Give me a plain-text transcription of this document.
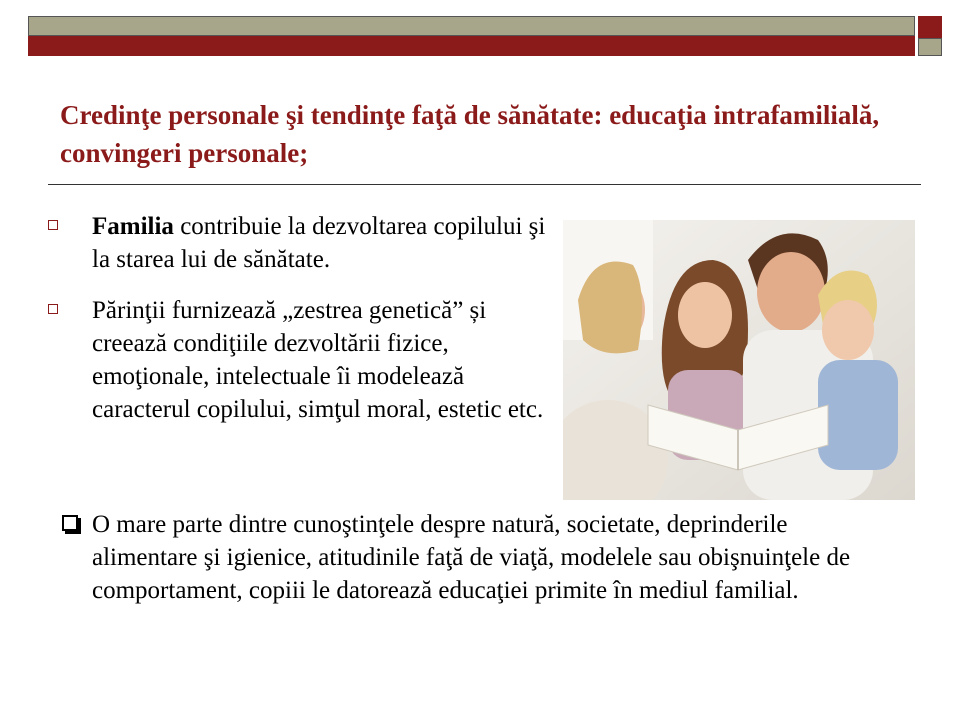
Credinţe personale şi tendinţe faţă de sănătate: educaţia intrafamilială, convingeri personale;
Familia contribuie la dezvoltarea copilului şi la starea lui de sănătate.
Părinţii furnizează „zestrea genetică” și creează condiţiile dezvoltării fizice, emoţionale, intelectuale îi modelează caracterul copilului, simţul moral, estetic etc.
O mare parte dintre cunoştinţele despre natură, societate, deprinderile alimentare şi igienice, atitudinile faţă de viaţă, modelele sau obişnuinţele de comportament, copiii le datorează educaţiei primite în mediul familial.
